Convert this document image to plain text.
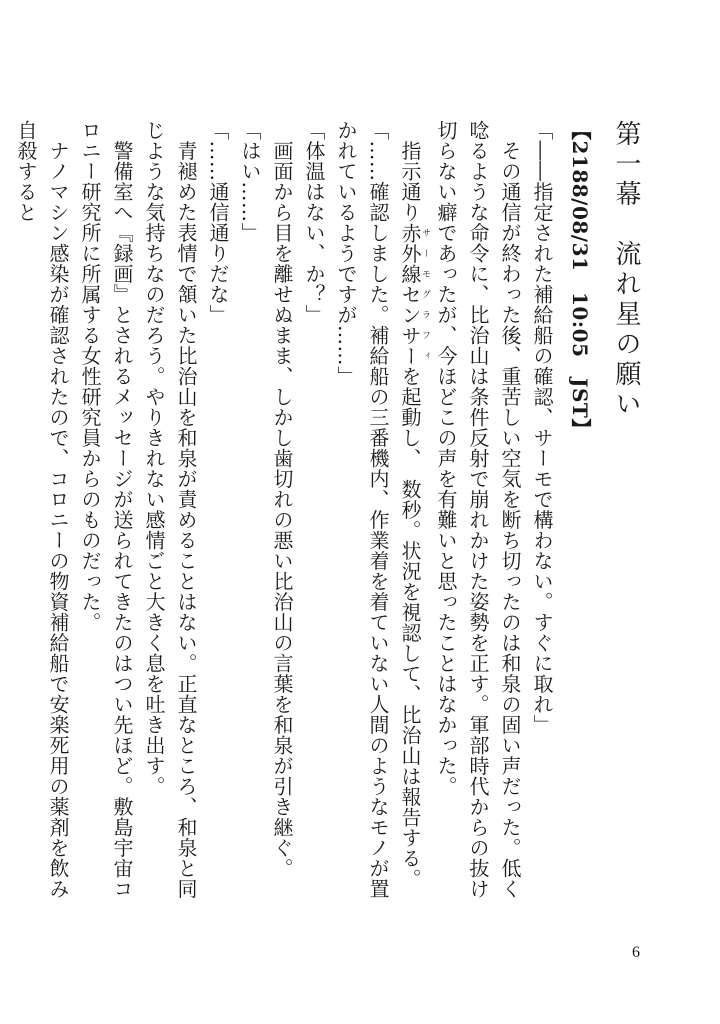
第一幕　流れ星の願い
【2188/08/31　10:05　JST】
「――指定された補給船の確認、サーモで構わない。すぐに取れ」
　その通信が終わった後、重苦しい空気を断ち切ったのは和泉の固い声だった。低く唸るような命令に、比治山は条件反射で崩れかけた姿勢を正す。軍部時代からの抜け切らない癖であったが、今ほどこの声を有難いと思ったことはなかった。
　指示通り赤外線センサーサーモグラフィを起動し、　数秒。状況を視認して、比治山は報告する。
「……確認しました。補給船の三番機内、作業着を着ていない人間のようなモノが置かれているようですが……」
「体温はない、か？」
　画面から目を離せぬまま、しかし歯切れの悪い比治山の言葉を和泉が引き継ぐ。
「はい……」
「……通信通りだな」
　青褪めた表情で頷いた比治山を和泉が責めることはない。正直なところ、和泉と同じような気持ちなのだろう。やりきれない感情ごと大きく息を吐き出す。
　警備室へ『録画』とされるメッセージが送られてきたのはつい先ほど。敷島宇宙コロニー研究所に所属する女性研究員からのものだった。
　ナノマシン感染が確認されたので、コロニーの物資補給船で安楽死用の薬剤を飲み自殺すると
6
